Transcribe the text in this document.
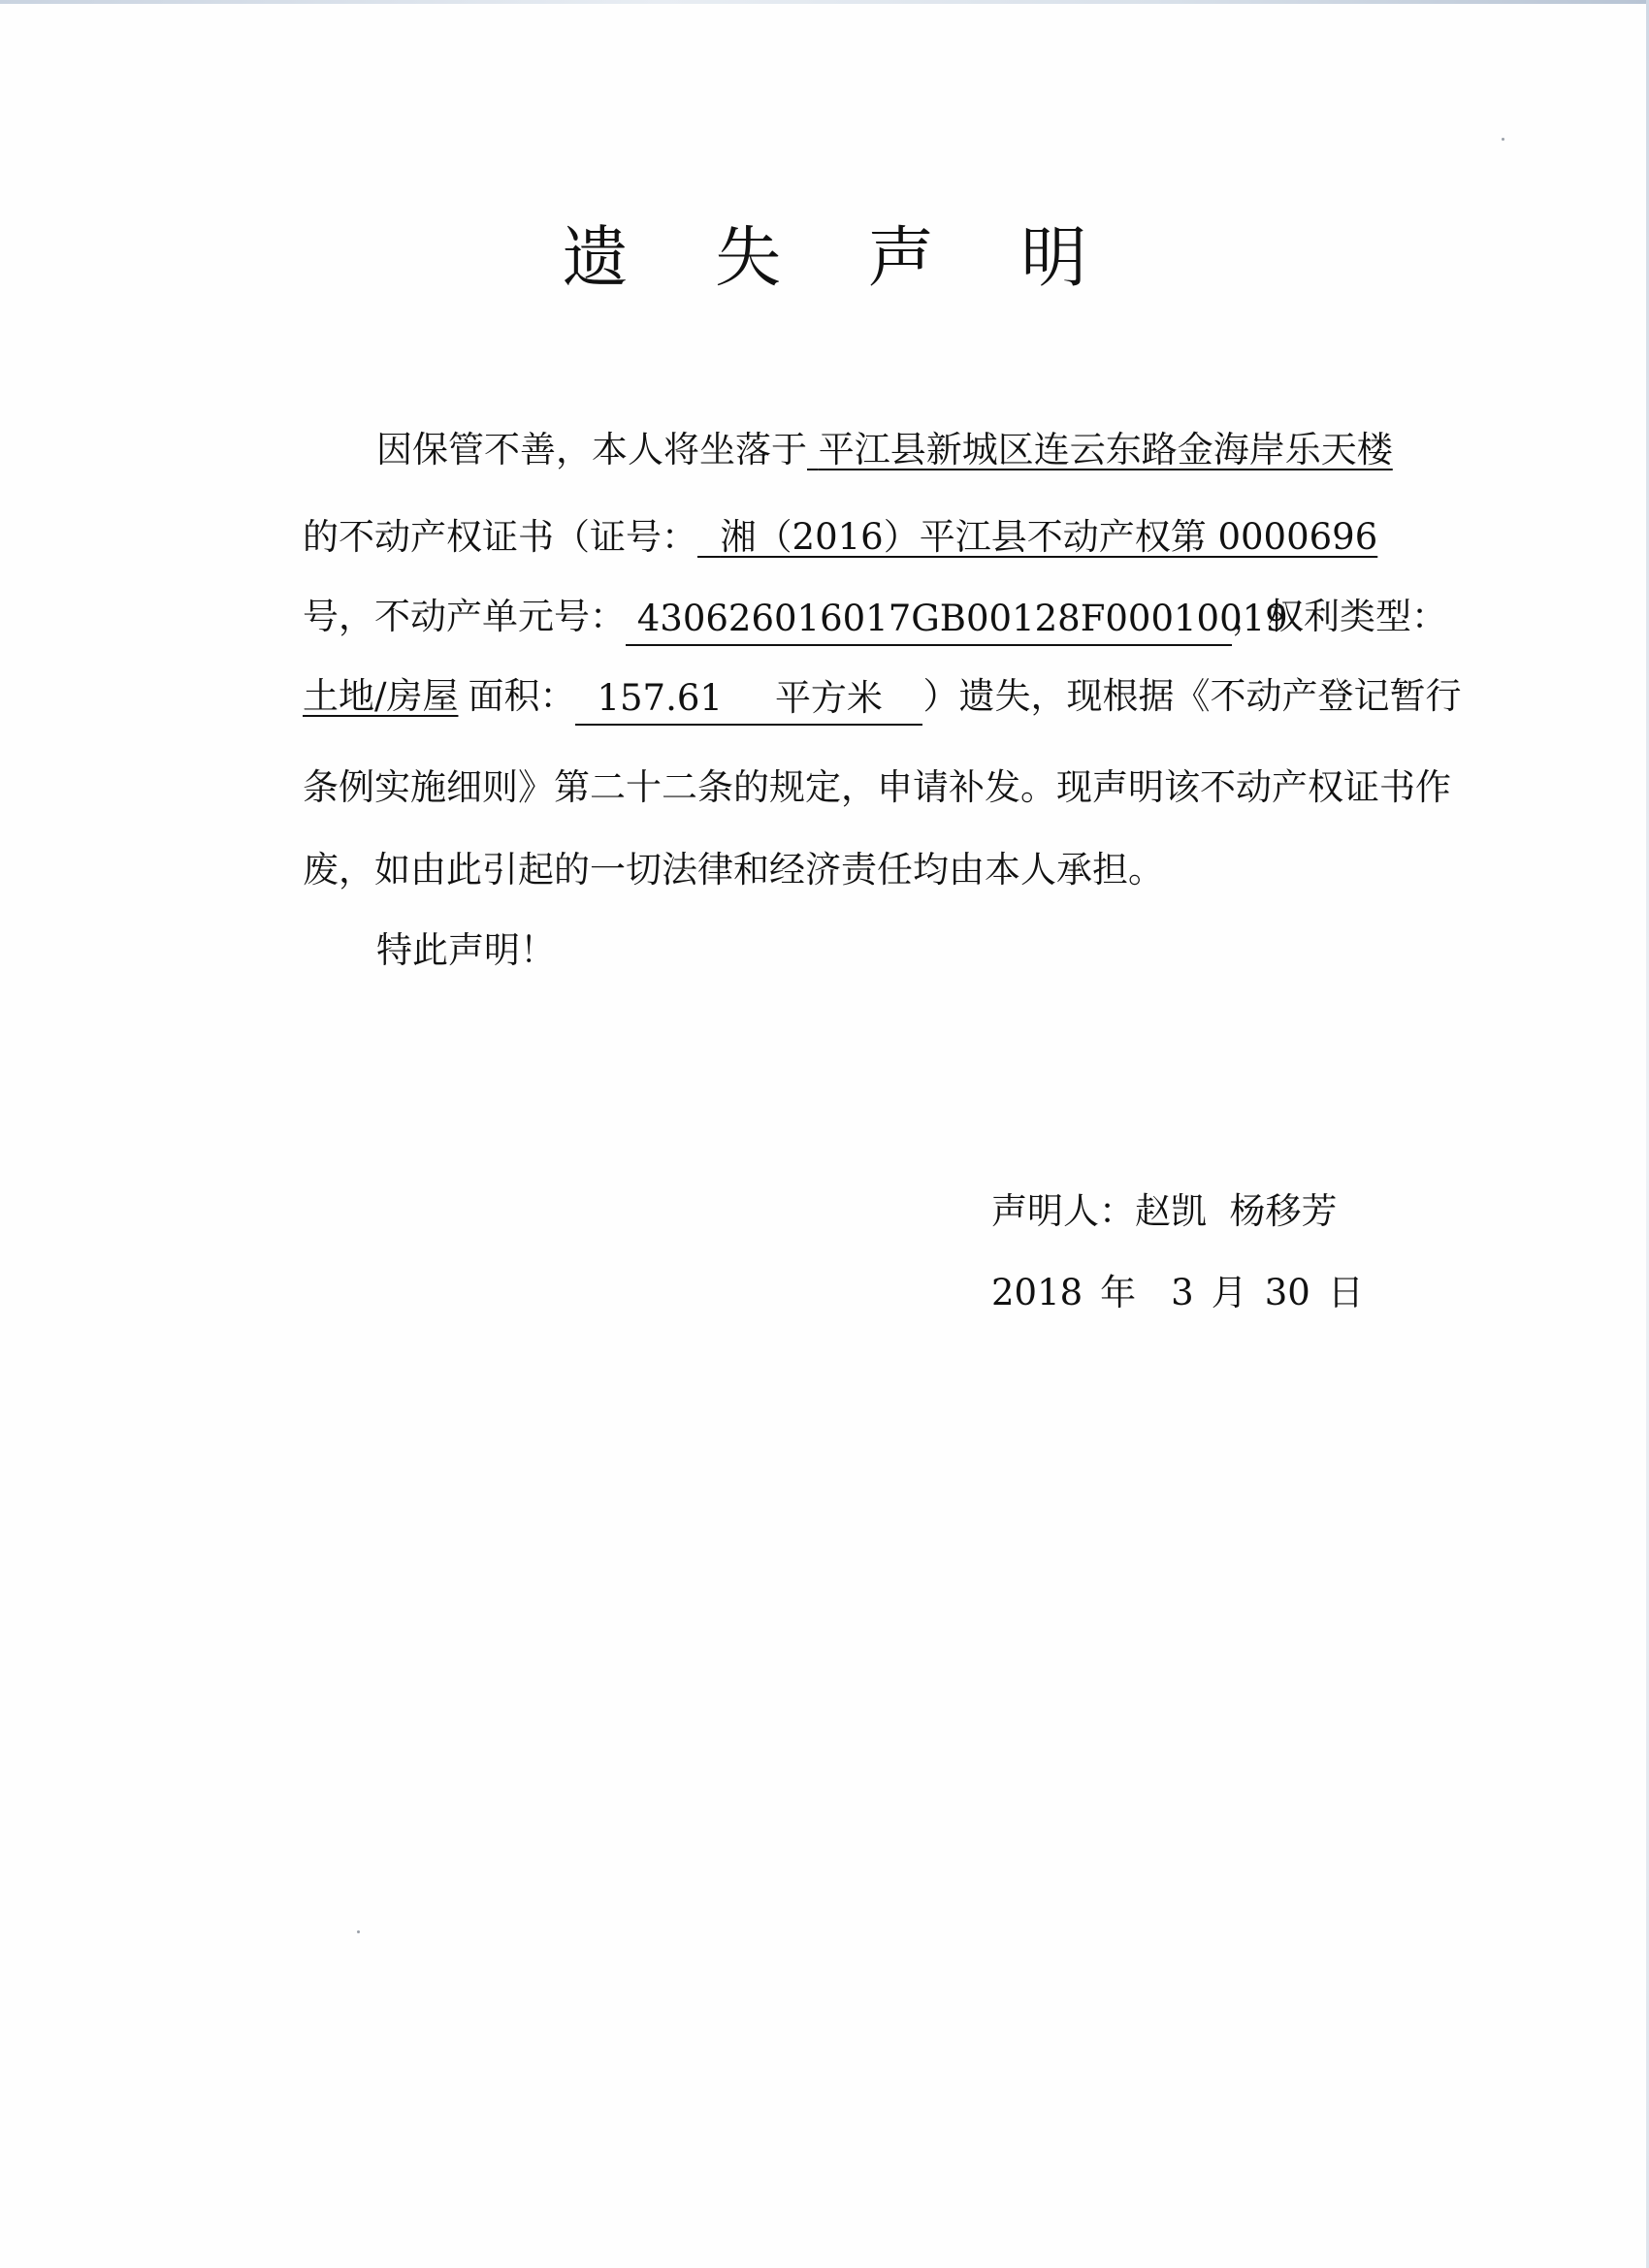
遗 失 声 明
因保管不善，本人将坐落于 平江县新城区连云东路金海岸乐天楼
的不动产权证书（证号： 湘（2016）平江县不动产权第 0000696
号，不动产单元号： 430626016017GB00128F00010019，权利类型：
土地/房屋 面积： 157.61 平方米 ）遗失，现根据《不动产登记暂行
条例实施细则》第二十二条的规定，申请补发。现声明该不动产权证书作
废，如由此引起的一切法律和经济责任均由本人承担。
特此声明！
声明人：赵凯  杨移芳
2018 年 3 月 30 日
